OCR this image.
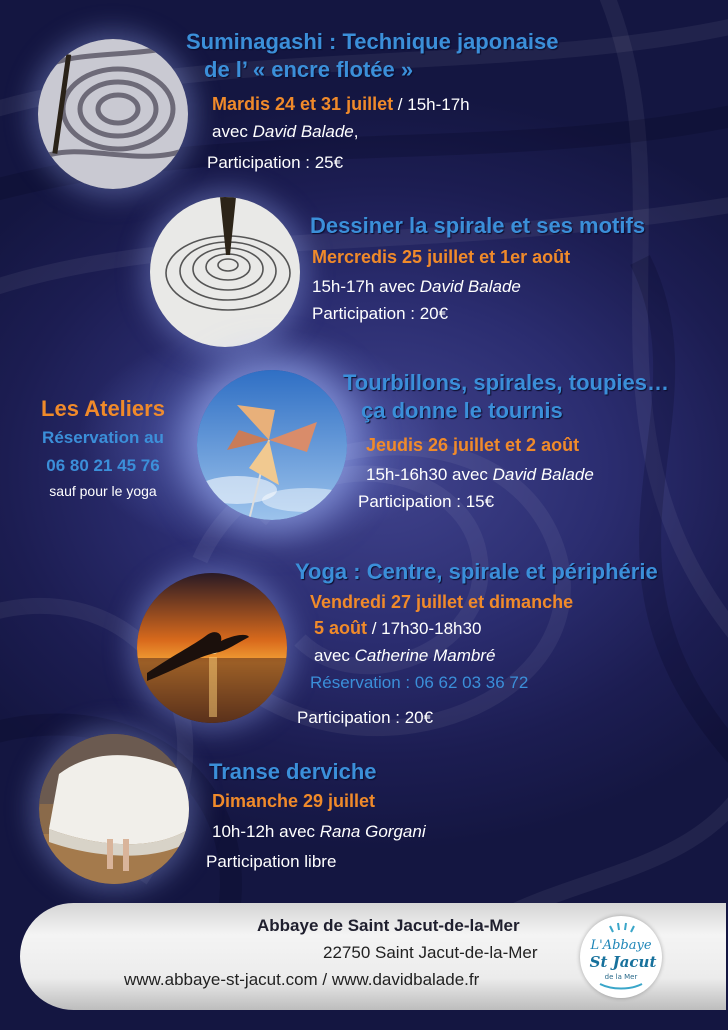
Suminagashi : Technique japonaise
de l’ « encre flotée »
Mardis 24 et 31 juillet / 15h-17h
avec David Balade,
Participation : 25€
Dessiner la spirale et ses motifs
Mercredis 25 juillet et 1er août
15h-17h avec David Balade
Participation : 20€
Les Ateliers
Réservation au
06 80 21 45 76
sauf pour le yoga
Tourbillons, spirales, toupies…
ça donne le tournis
Jeudis 26 juillet et 2 août
15h-16h30 avec David Balade
Participation : 15€
Yoga : Centre, spirale et périphérie
Vendredi 27 juillet et dimanche
5 août / 17h30-18h30
avec Catherine Mambré
Réservation : 06 62 03 36 72
Participation : 20€
Transe derviche
Dimanche 29 juillet
10h-12h avec Rana Gorgani
Participation libre
Abbaye de Saint Jacut-de-la-Mer
22750 Saint Jacut-de-la-Mer
www.abbaye-st-jacut.com / www.davidbalade.fr
L'Abbaye
St Jacut
de la Mer
